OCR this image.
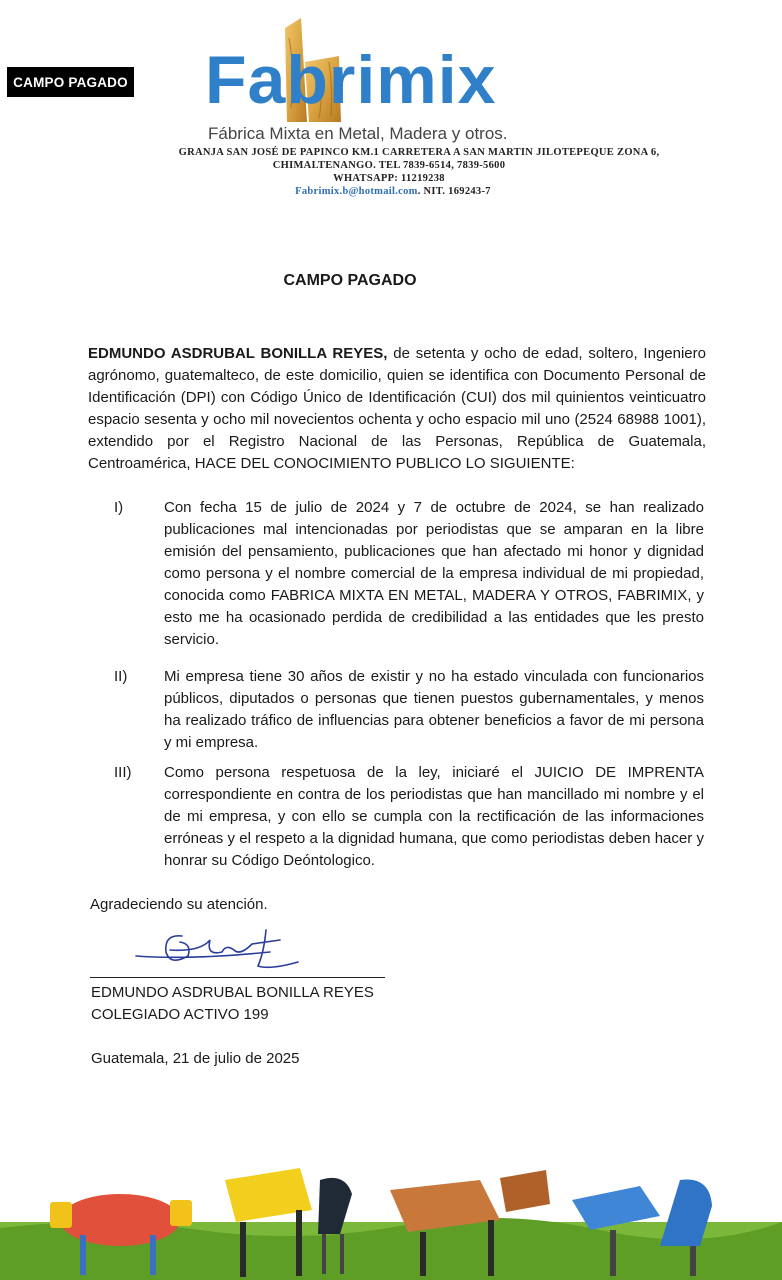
CAMPO PAGADO Fabrimix
Fábrica Mixta en Metal, Madera y otros.
GRANJA SAN JOSÉ DE PAPINCO KM.1 CARRETERA A SAN MARTIN JILOTEPEQUE ZONA 6,
CHIMALTENANGO. TEL 7839-6514, 7839-5600
WHATSAPP: 11219238
Fabrimix.b@hotmail.com. NIT. 169243-7
CAMPO PAGADO
EDMUNDO ASDRUBAL BONILLA REYES, de setenta y ocho de edad, soltero, Ingeniero agrónomo, guatemalteco, de este domicilio, quien se identifica con Documento Personal de Identificación (DPI) con Código Único de Identificación (CUI) dos mil quinientos veinticuatro espacio sesenta y ocho mil novecientos ochenta y ocho espacio mil uno (2524 68988 1001), extendido por el Registro Nacional de las Personas, República de Guatemala, Centroamérica, HACE DEL CONOCIMIENTO PUBLICO LO SIGUIENTE:
I)	Con fecha 15 de julio de 2024 y 7 de octubre de 2024, se han realizado publicaciones mal intencionadas por periodistas que se amparan en la libre emisión del pensamiento, publicaciones que han afectado mi honor y dignidad como persona y el nombre comercial de la empresa individual de mi propiedad, conocida como FABRICA MIXTA EN METAL, MADERA Y OTROS, FABRIMIX, y esto me ha ocasionado perdida de credibilidad a las entidades que les presto servicio.
II) Mi empresa tiene 30 años de existir y no ha estado vinculada con funcionarios públicos, diputados o personas que tienen puestos gubernamentales, y menos ha realizado tráfico de influencias para obtener beneficios a favor de mi persona y mi empresa.
III) Como persona respetuosa de la ley, iniciaré el JUICIO DE IMPRENTA correspondiente en contra de los periodistas que han mancillado mi nombre y el de mi empresa, y con ello se cumpla con la rectificación de las informaciones erróneas y el respeto a la dignidad humana, que como periodistas deben hacer y honrar su Código Deóntologico.
Agradeciendo su atención.
EDMUNDO ASDRUBAL BONILLA REYES
COLEGIADO ACTIVO 199
Guatemala, 21 de julio de 2025
